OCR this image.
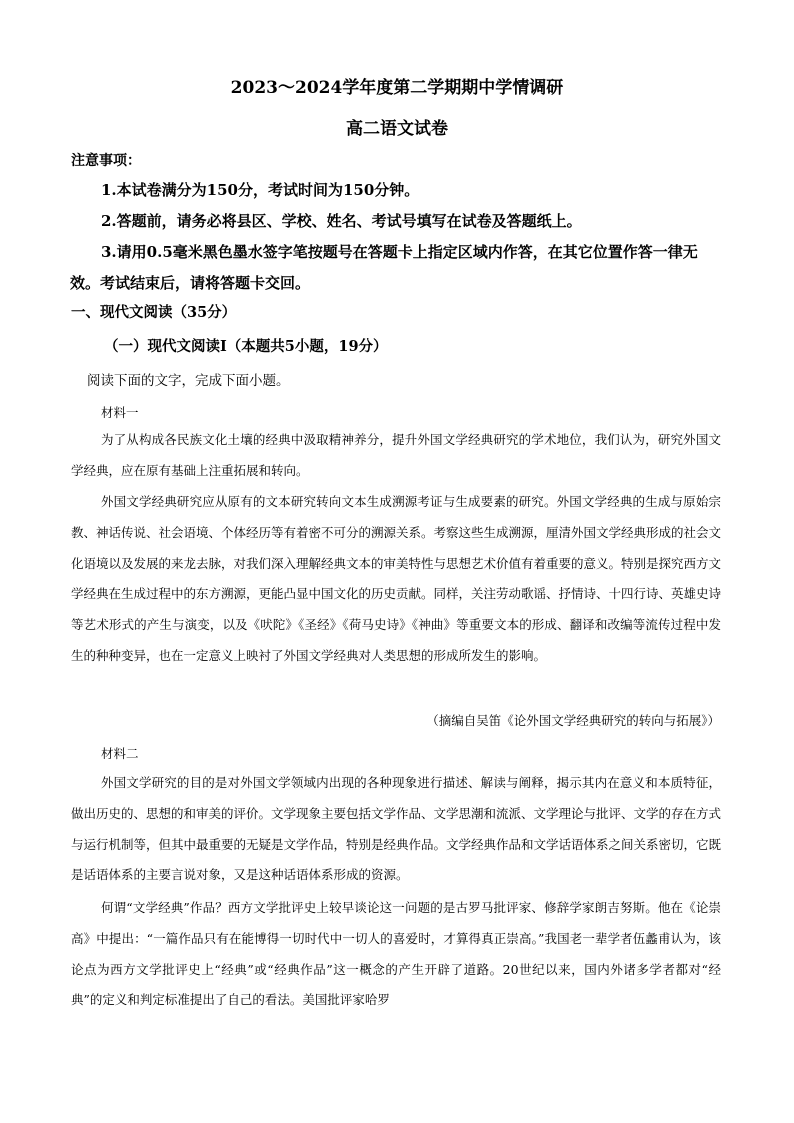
2023～2024学年度第二学期期中学情调研
高二语文试卷
注意事项：

1.本试卷满分为150分，考试时间为150分钟。

2.答题前，请务必将县区、学校、姓名、考试号填写在试卷及答题纸上。

3.请用0.5毫米黑色墨水签字笔按题号在答题卡上指定区域内作答，在其它位置作答一律无效。考试结束后，请将答题卡交回。

一、现代文阅读（35分）
（一）现代文阅读Ⅰ（本题共5小题，19分）
阅读下面的文字，完成下面小题。
材料一

为了从构成各民族文化土壤的经典中汲取精神养分，提升外国文学经典研究的学术地位，我们认为，研究外国文学经典，应在原有基础上注重拓展和转向。

外国文学经典研究应从原有的文本研究转向文本生成溯源考证与生成要素的研究。外国文学经典的生成与原始宗教、神话传说、社会语境、个体经历等有着密不可分的溯源关系。考察这些生成溯源，厘清外国文学经典形成的社会文化语境以及发展的来龙去脉，对我们深入理解经典文本的审美特性与思想艺术价值有着重要的意义。特别是探究西方文学经典在生成过程中的东方溯源，更能凸显中国文化的历史贡献。同样，关注劳动歌谣、抒情诗、十四行诗、英雄史诗等艺术形式的产生与演变，以及《吠陀》《圣经》《荷马史诗》《神曲》等重要文本的形成、翻译和改编等流传过程中发生的种种变异，也在一定意义上映衬了外国文学经典对人类思想的形成所发生的影响。

（摘编自吴笛《论外国文学经典研究的转向与拓展》）
材料二

外国文学研究的目的是对外国文学领域内出现的各种现象进行描述、解读与阐释，揭示其内在意义和本质特征，做出历史的、思想的和审美的评价。文学现象主要包括文学作品、文学思潮和流派、文学理论与批评、文学的存在方式与运行机制等，但其中最重要的无疑是文学作品，特别是经典作品。文学经典作品和文学话语体系之间关系密切，它既是话语体系的主要言说对象，又是这种话语体系形成的资源。

何谓“文学经典”作品？西方文学批评史上较早谈论这一问题的是古罗马批评家、修辞学家朗吉努斯。他在《论崇高》中提出：“一篇作品只有在能博得一切时代中一切人的喜爱时，才算得真正崇高。”我国老一辈学者伍蠡甫认为，该论点为西方文学批评史上“经典”或“经典作品”这一概念的产生开辟了道路。20世纪以来，国内外诸多学者都对“经典”的定义和判定标准提出了自己的看法。美国批评家哈罗
